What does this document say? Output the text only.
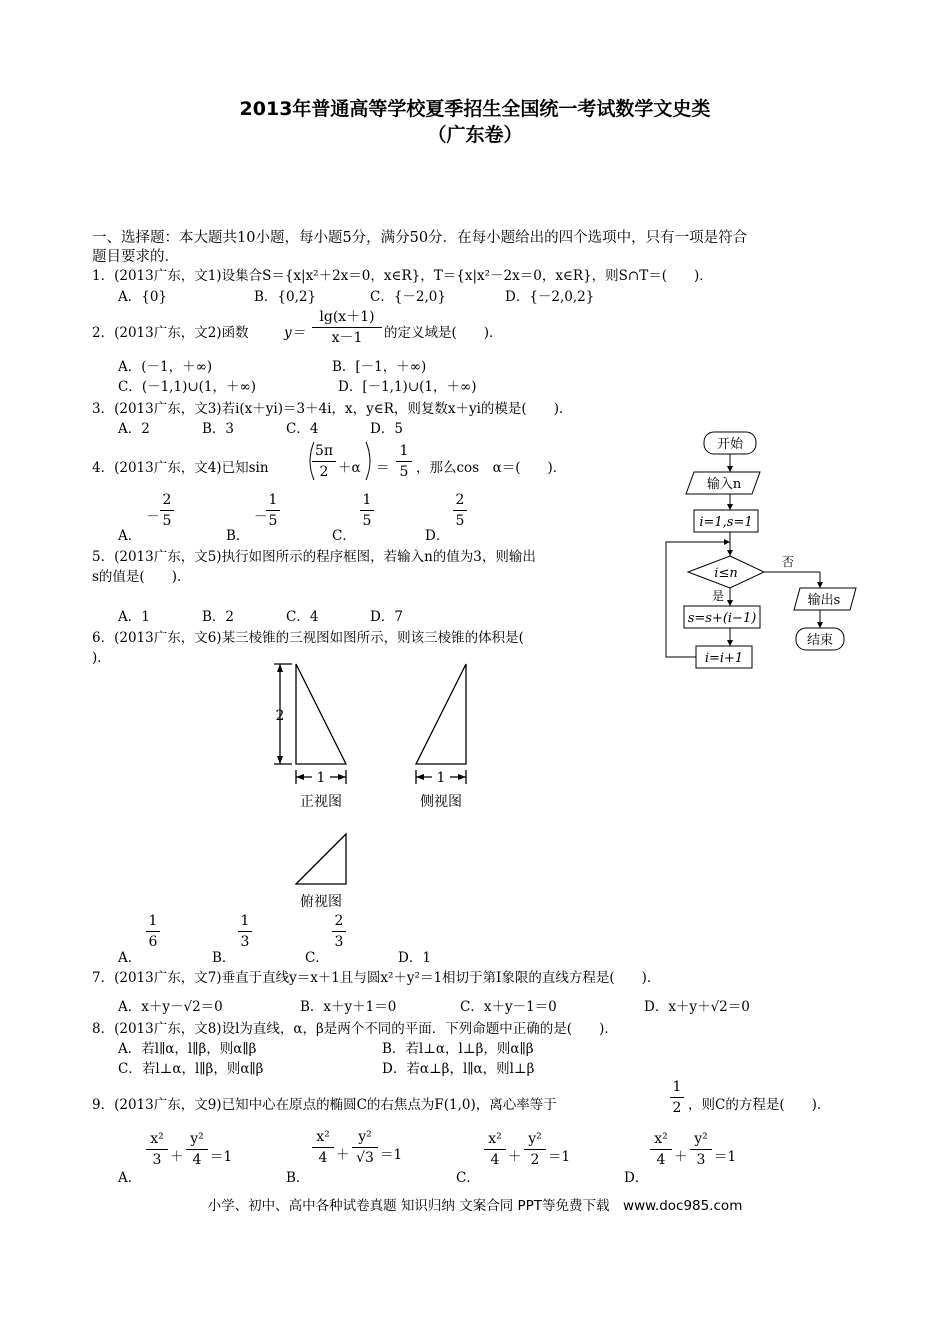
2013年普通高等学校夏季招生全国统一考试数学文史类
（广东卷）
一、选择题：本大题共10小题，每小题5分，满分50分．在每小题给出的四个选项中，只有一项是符合
题目要求的．
1．(2013广东，文1)设集合S＝{x|x²＋2x＝0，x∈R}，T＝{x|x²－2x＝0，x∈R}，则S∩T＝(　　)．
A．{0}	B．{0,2}	C．{－2,0}	D．{－2,0,2}
2．(2013广东，文2)函数	y＝
lg(x＋1)
x－1	的定义域是(　　)．
A．(－1，＋∞)	B．[－1，＋∞)
C．(－1,1)∪(1，＋∞)	D．[－1,1)∪(1，＋∞)
3．(2013广东，文3)若i(x＋yi)＝3＋4i，x，y∈R，则复数x＋yi的模是(　　)．
A．2	B．3	C．4	D．5
4．(2013广东，文4)已知sin
5π
2 ＋α ＝
1
5 ，那么cos　α＝(　　)．
A．
－
2
5
B．
－
1
5
C．
1
5
D．
2
5
5．(2013广东，文5)执行如图所示的程序框图，若输入n的值为3，则输出
s的值是(　　)．
A．1	B．2	C．4	D．7
开始
输入n
i=1,s=1
i≤n
否
是
s=s+(i−1)
i=i+1
输出s
结束
6．(2013广东，文6)某三棱锥的三视图如图所示，则该三棱锥的体积是(
)．
2
1	1
正视图	侧视图
俯视图
A．
1
6
B．
1
3
C．
2
3
D．1
7．(2013广东，文7)垂直于直线y＝x＋1且与圆x²＋y²＝1相切于第Ⅰ象限的直线方程是(　　)．
A．x＋y－√2＝0	B．x＋y＋1＝0	C．x＋y－1＝0	D．x＋y＋√2＝0
8．(2013广东，文8)设l为直线，α，β是两个不同的平面．下列命题中正确的是(　　)．
A．若l∥α，l∥β，则α∥β	B．若l⊥α，l⊥β，则α∥β
C．若l⊥α，l∥β，则α∥β	D．若α⊥β，l∥α，则l⊥β
9．(2013广东，文9)已知中心在原点的椭圆C的右焦点为F(1,0)，离心率等于
1
2 ，则C的方程是(　　)．
A．
x²
3 ＋
y²
4 ＝1
B．
x²
4 ＋
y²
√3 ＝1
C．
x²
4 ＋
y²
2 ＝1
D．
x²
4 ＋
y²
3 ＝1
小学、初中、高中各种试卷真题 知识归纳 文案合同 PPT等免费下载　www.doc985.com
